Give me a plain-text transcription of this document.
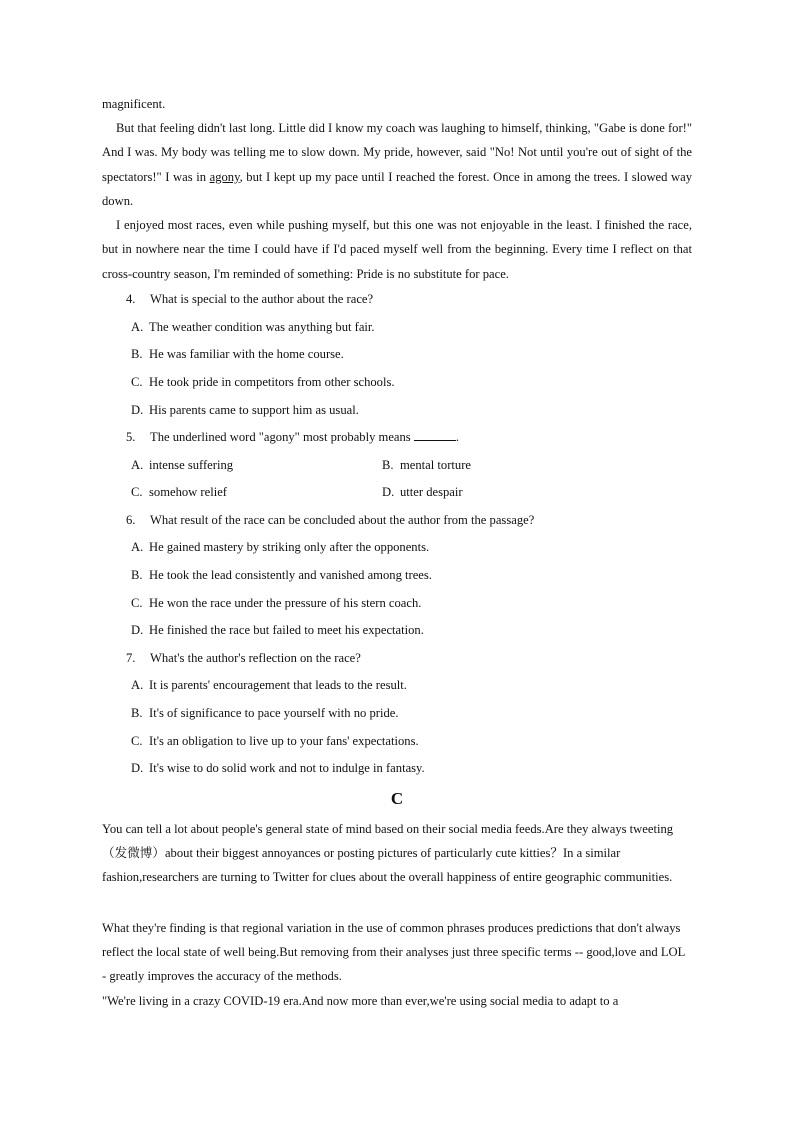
magnificent.

But that feeling didn't last long. Little did I know my coach was laughing to himself, thinking, "Gabe is done for!" And I was. My body was telling me to slow down. My pride, however, said "No! Not until you're out of sight of the spectators!" I was in agony, but I kept up my pace until I reached the forest. Once in among the trees. I slowed way down.

I enjoyed most races, even while pushing myself, but this one was not enjoyable in the least. I finished the race, but in nowhere near the time I could have if I'd paced myself well from the beginning. Every time I reflect on that cross-country season, I'm reminded of something: Pride is no substitute for pace.

4. What is special to the author about the race?
A. The weather condition was anything but fair.
B. He was familiar with the home course.
C. He took pride in competitors from other schools.
D. His parents came to support him as usual.
5. The underlined word "agony" most probably means	.
A. intense suffering	B. mental torture
C. somehow relief	D. utter despair
6. What result of the race can be concluded about the author from the passage?
A. He gained mastery by striking only after the opponents.
B. He took the lead consistently and vanished among trees.
C. He won the race under the pressure of his stern coach.
D. He finished the race but failed to meet his expectation.
7. What's the author's reflection on the race?
A. It is parents' encouragement that leads to the result.
B. It's of significance to pace yourself with no pride.
C. It's an obligation to live up to your fans' expectations.
D. It's wise to do solid work and not to indulge in fantasy.
C

You can tell a lot about people's general state of mind based on their social media feeds.Are they always tweeting（发微博）about their biggest annoyances or posting pictures of particularly cute kitties？In a similar fashion,researchers are turning to Twitter for clues about the overall happiness of entire geographic communities.

What they're finding is that regional variation in the use of common phrases produces predictions that don't always reflect the local state of well being.But removing from their analyses just three specific terms -- good,love and LOL - greatly improves the accuracy of the methods.

"We're living in a crazy COVID-19 era.And now more than ever,we're using social media to adapt to a
